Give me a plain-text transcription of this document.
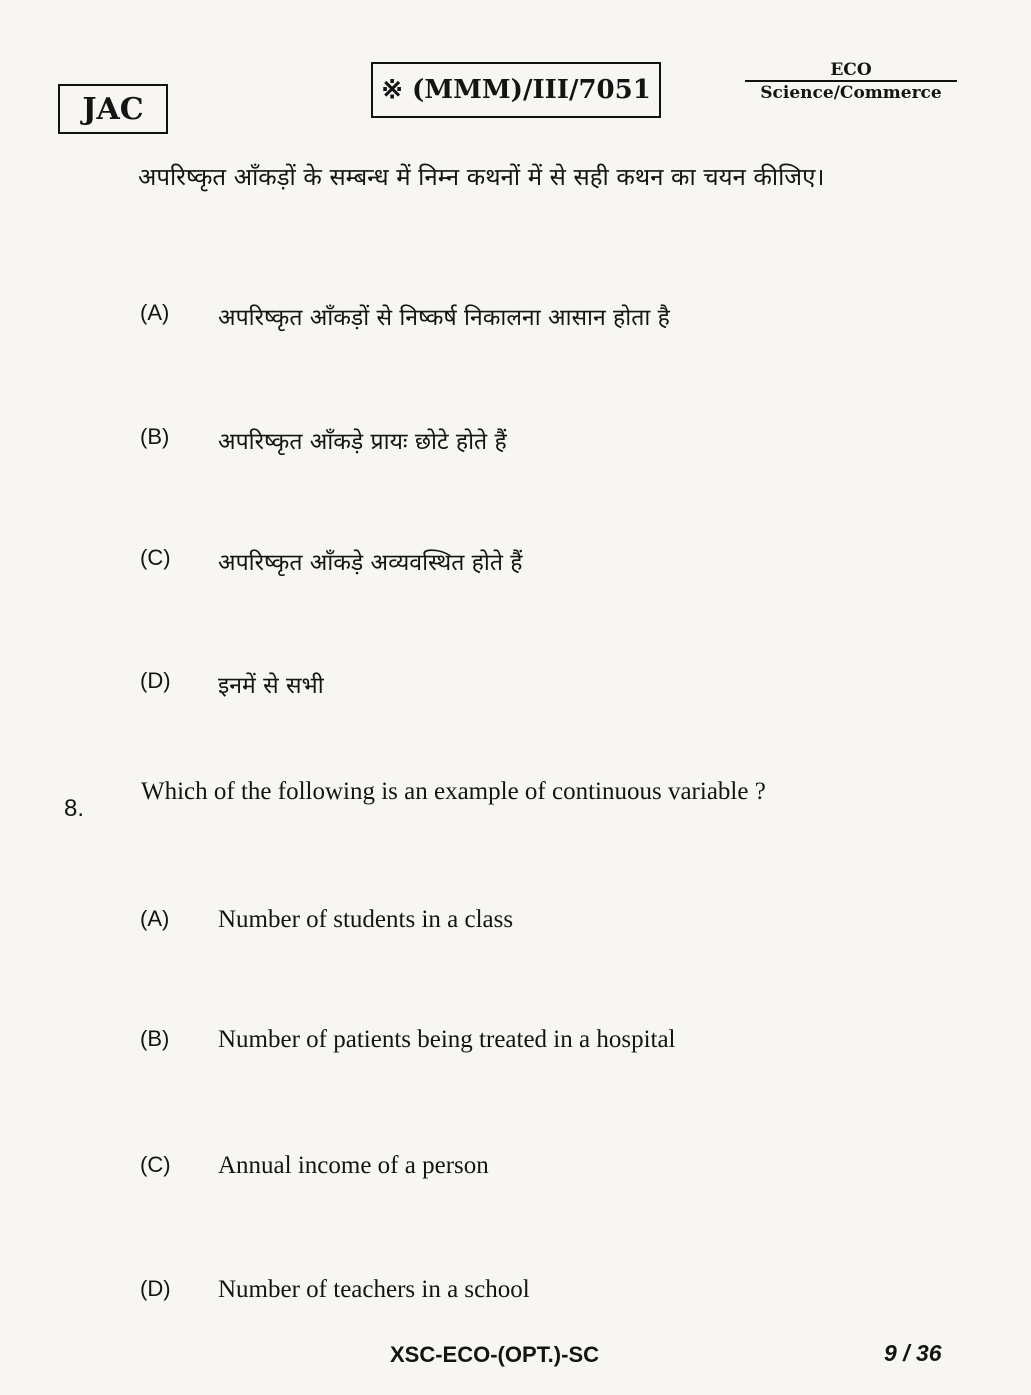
JAC
※ (MMM)/III/7051
ECO
Science/Commerce
अपरिष्कृत आँकड़ों के सम्बन्ध में निम्न कथनों में से सही कथन का चयन कीजिए।
(A)	अपरिष्कृत आँकड़ों से निष्कर्ष निकालना आसान होता है
(B)	अपरिष्कृत आँकड़े प्रायः छोटे होते हैं
(C)	अपरिष्कृत आँकड़े अव्यवस्थित होते हैं
(D)	इनमें से सभी
8.
Which of the following is an example of continuous variable ?
(A)	Number of students in a class
(B)	Number of patients being treated in a hospital
(C)	Annual income of a person
(D)	Number of teachers in a school
XSC-ECO-(OPT.)-SC	9 / 36
